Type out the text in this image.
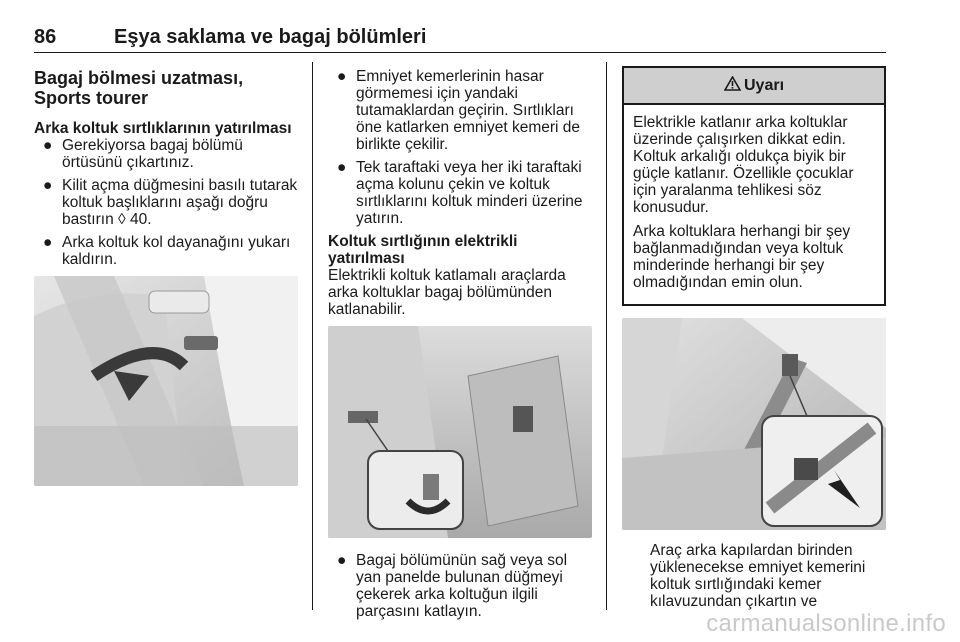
86	Eşya saklama ve bagaj bölümleri
Bagaj bölmesi uzatması, Sports tourer
Arka koltuk sırtlıklarının yatırılması
● Gerekiyorsa bagaj bölümü örtüsünü çıkartınız.
● Kilit açma düğmesini basılı tutarak koltuk başlıklarını aşağı doğru bastırın ◊ 40.
● Arka koltuk kol dayanağını yukarı kaldırın.
● Emniyet kemerlerinin hasar görmemesi için yandaki tutamaklardan geçirin. Sırtlıkları öne katlarken emniyet kemeri de birlikte çekilir.
● Tek taraftaki veya her iki taraftaki açma kolunu çekin ve koltuk sırtlıklarını koltuk minderi üzerine yatırın.
Koltuk sırtlığının elektrikli yatırılması

Elektrikli koltuk katlamalı araçlarda arka koltuklar bagaj bölümünden katlanabilir.

● Bagaj bölümünün sağ veya sol yan panelde bulunan düğmeyi çekerek arka koltuğun ilgili parçasını katlayın.
Uyarı

Elektrikle katlanır arka koltuklar üzerinde çalışırken dikkat edin. Koltuk arkalığı oldukça biyik bir güçle katlanır. Özellikle çocuklar için yaralanma tehlikesi söz konusudur.

Arka koltuklara herhangi bir şey bağlanmadığından veya koltuk minderinde herhangi bir şey olmadığından emin olun.

Araç arka kapılardan birinden yüklenecekse emniyet kemerini koltuk sırtlığındaki kemer kılavuzundan çıkartın ve

carmanualsonline.info
